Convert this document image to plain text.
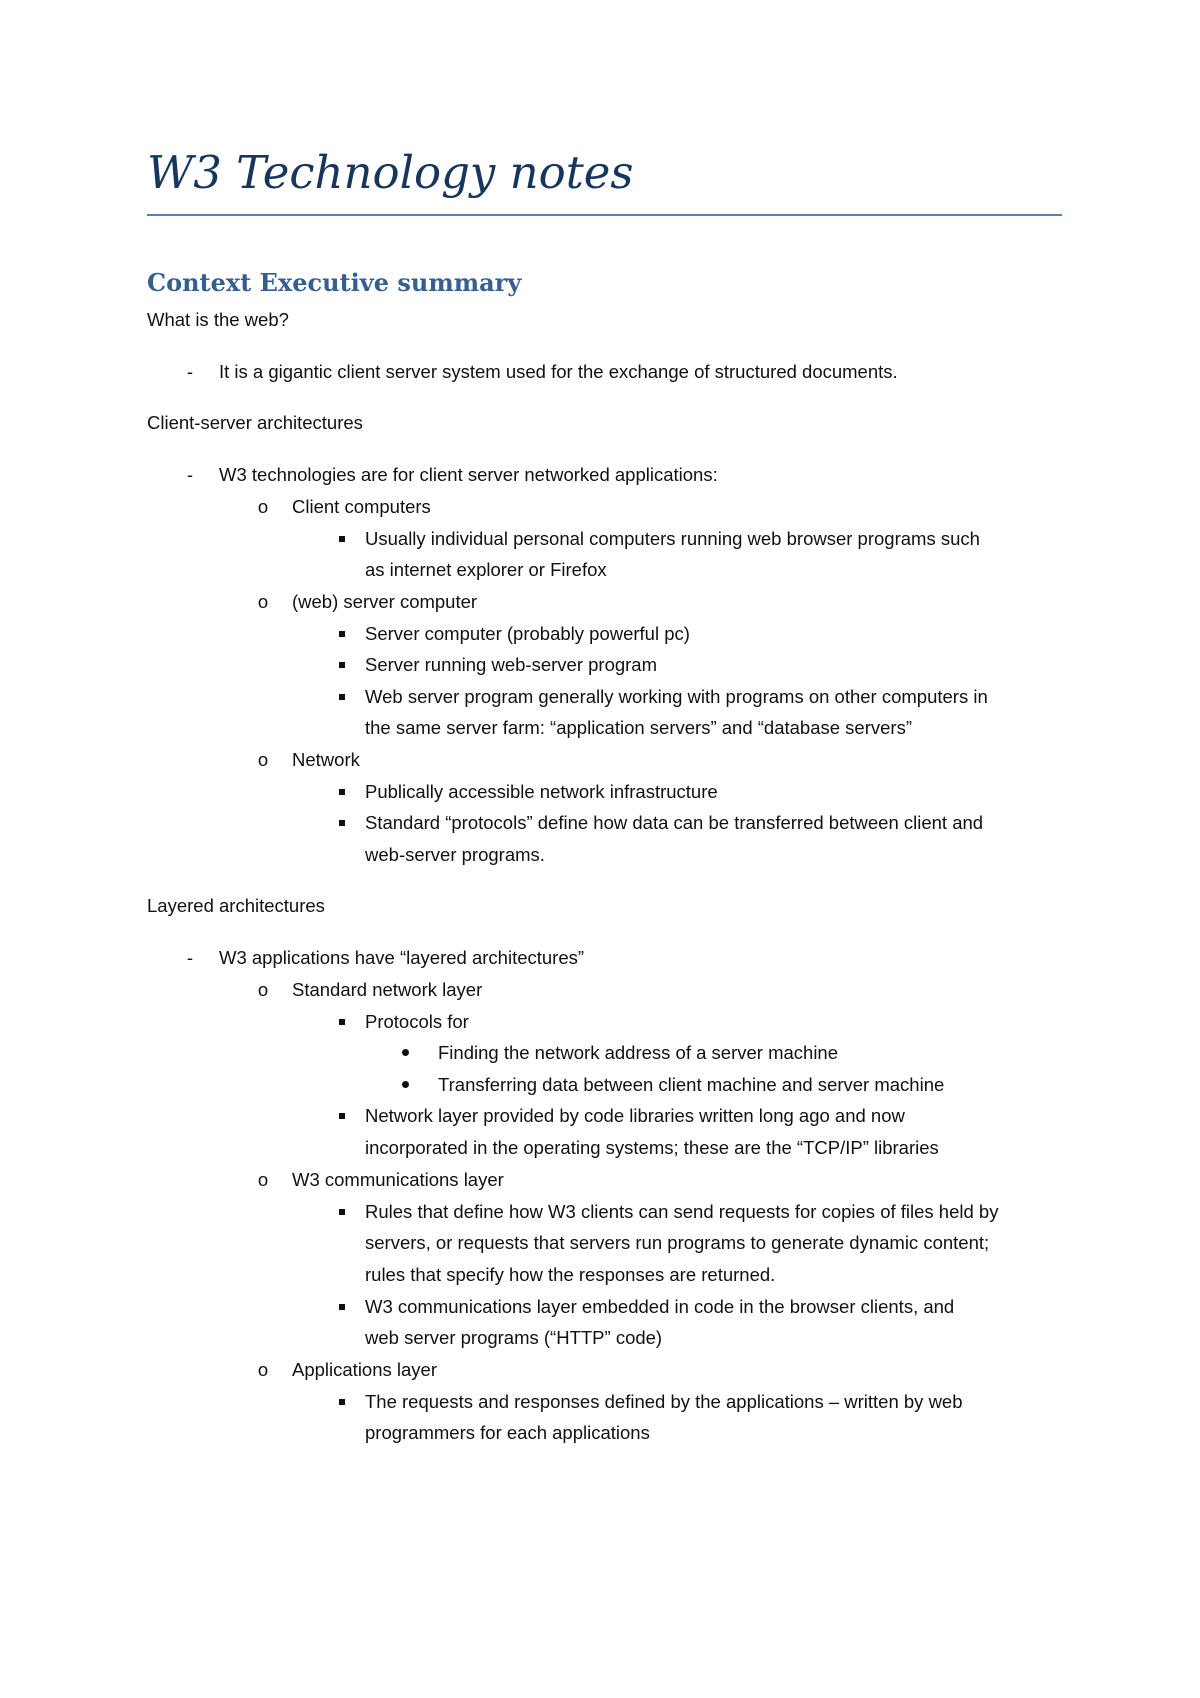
W3 Technology notes
Context Executive summary
What is the web?
- It is a gigantic client server system used for the exchange of structured documents.
Client-server architectures
- W3 technologies are for client server networked applications:
o Client computers
Usually individual personal computers running web browser programs such
as internet explorer or Firefox
o (web) server computer
Server computer (probably powerful pc)
Server running web-server program
Web server program generally working with programs on other computers in
the same server farm: “application servers” and “database servers”
o Network
Publically accessible network infrastructure
Standard “protocols” define how data can be transferred between client and
web-server programs.
Layered architectures
- W3 applications have “layered architectures”
o Standard network layer
Protocols for
Finding the network address of a server machine
Transferring data between client machine and server machine
Network layer provided by code libraries written long ago and now
incorporated in the operating systems; these are the “TCP/IP” libraries
o W3 communications layer
Rules that define how W3 clients can send requests for copies of files held by
servers, or requests that servers run programs to generate dynamic content;
rules that specify how the responses are returned.
W3 communications layer embedded in code in the browser clients, and
web server programs (“HTTP” code)
o Applications layer
The requests and responses defined by the applications – written by web
programmers for each applications
